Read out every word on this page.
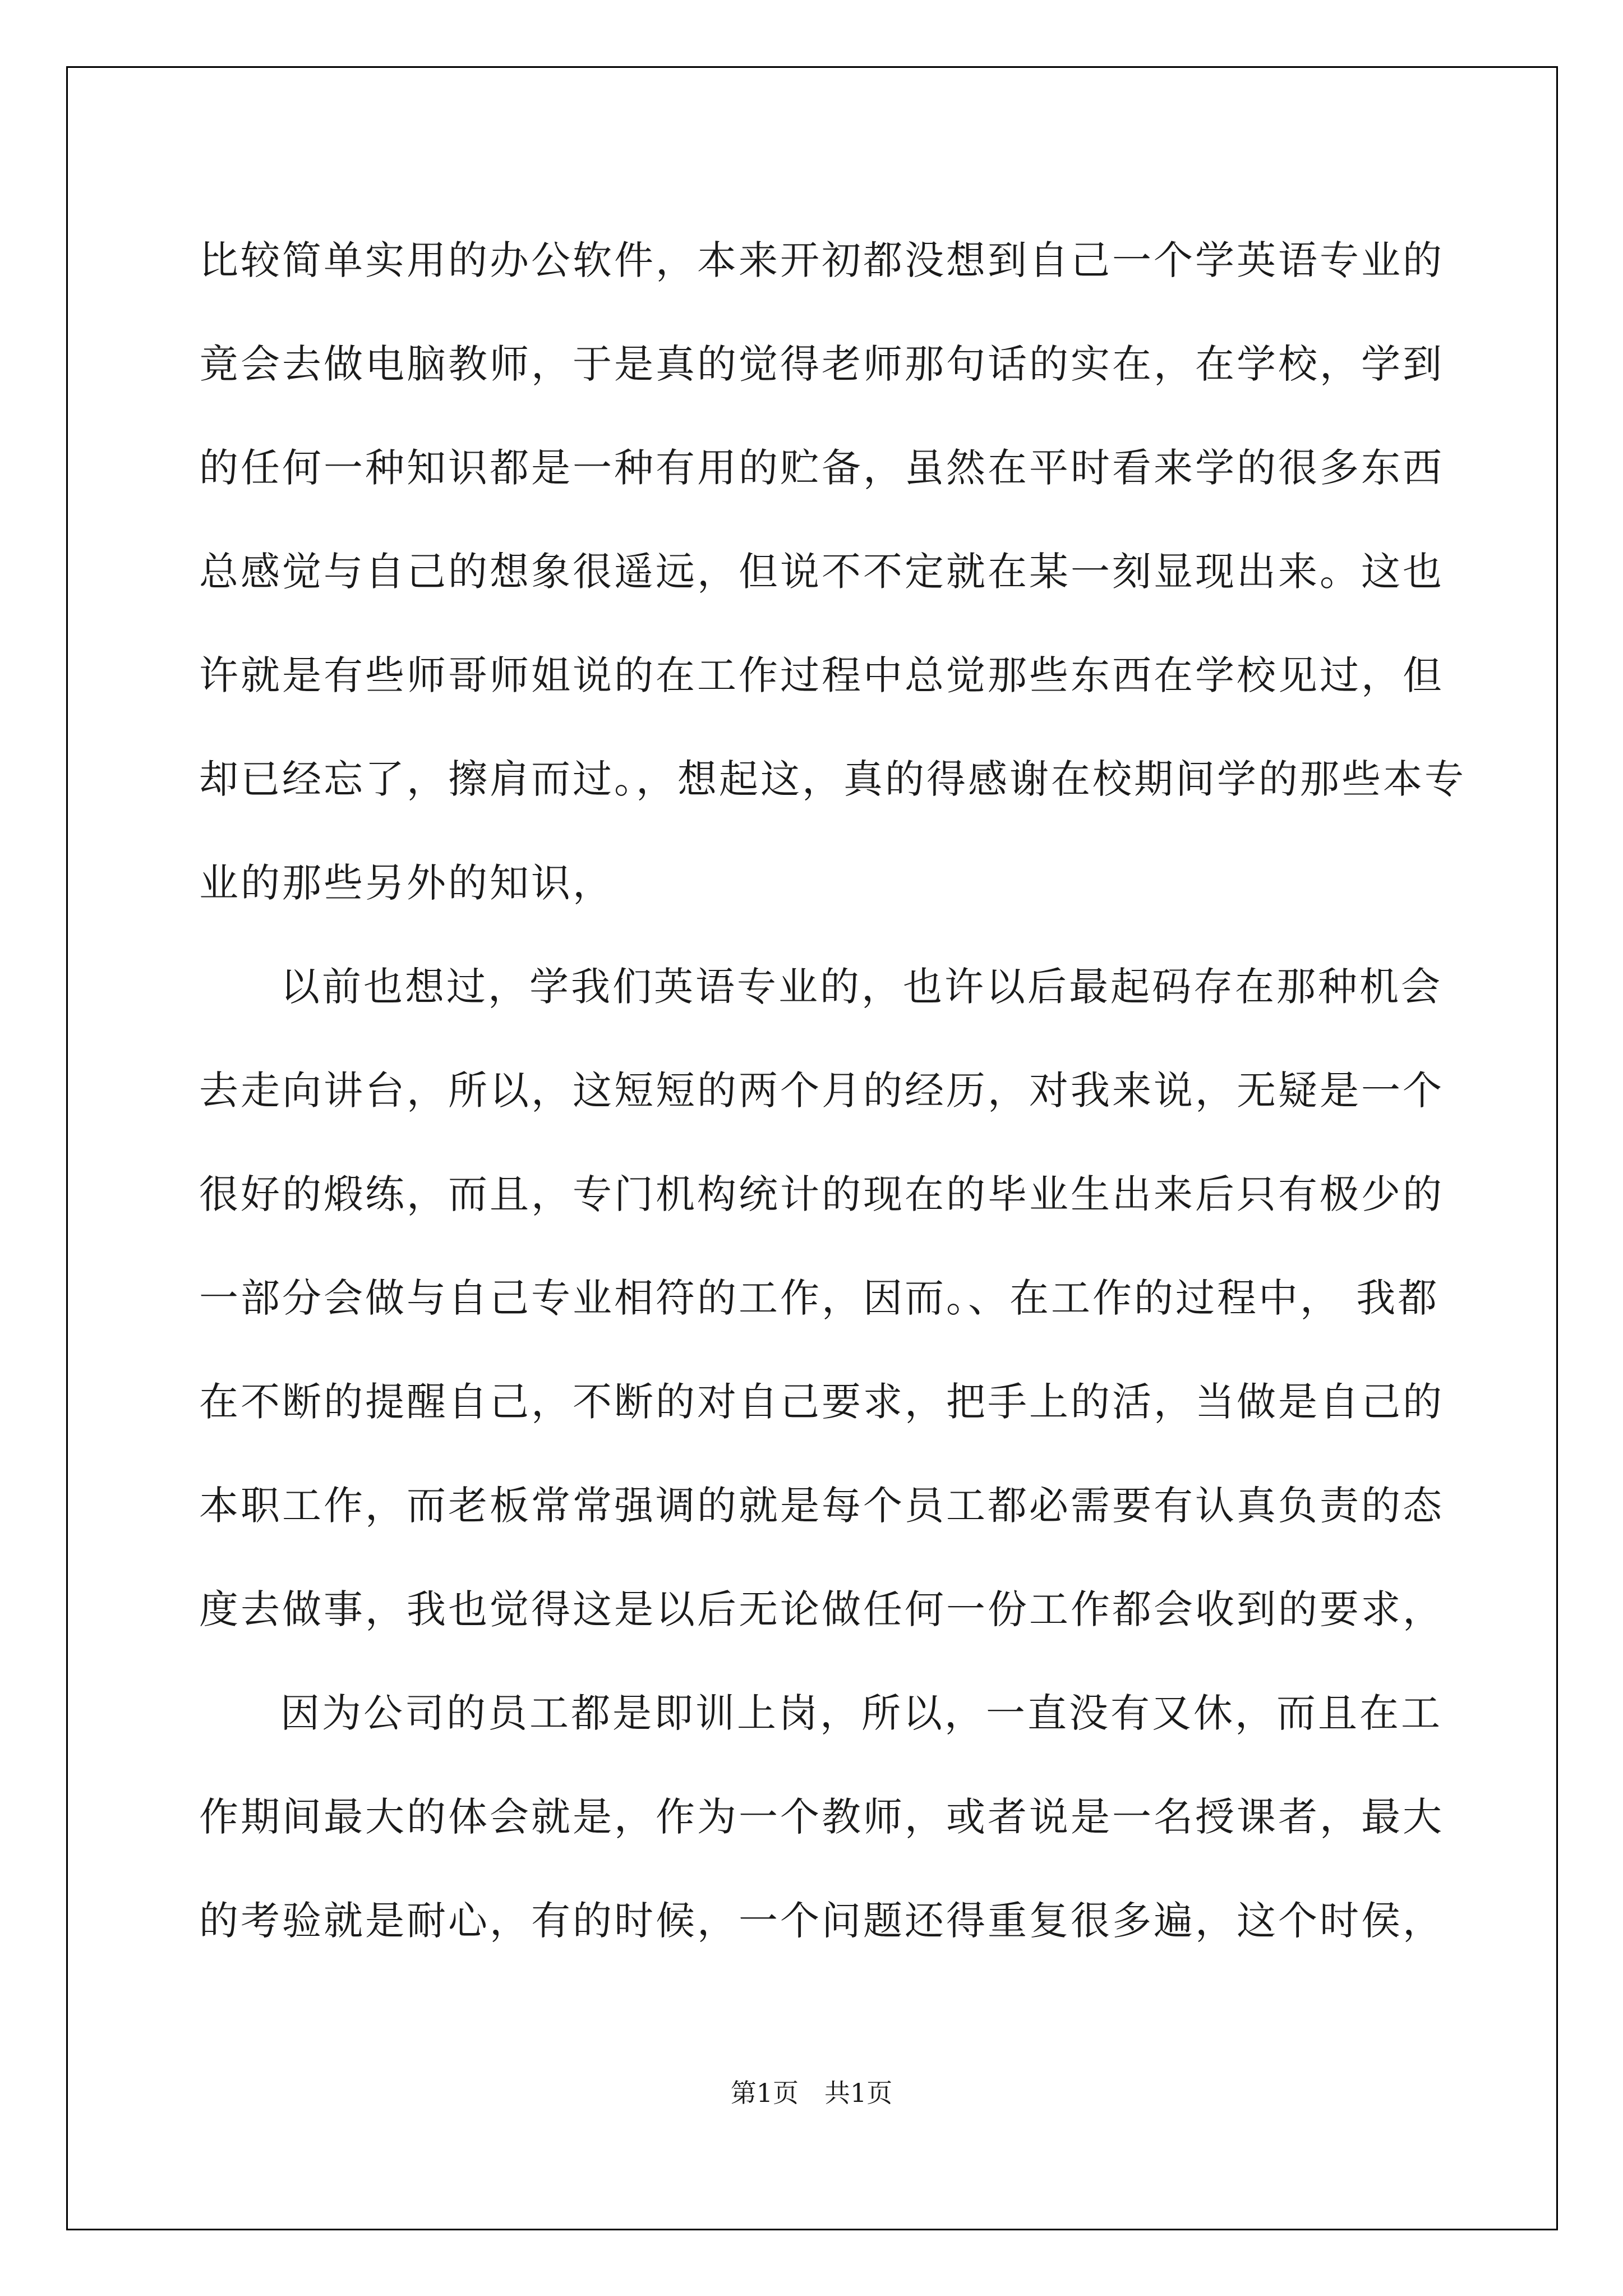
比较简单实用的办公软件，本来开初都没想到自己一个学英语专业的
竟会去做电脑教师，于是真的觉得老师那句话的实在，在学校，学到
的任何一种知识都是一种有用的贮备，虽然在平时看来学的很多东西
总感觉与自己的想象很遥远，但说不不定就在某一刻显现出来。这也
许就是有些师哥师姐说的在工作过程中总觉那些东西在学校见过，但
却已经忘了，擦肩而过。，想起这，真的得感谢在校期间学的那些本专
业的那些另外的知识，

以前也想过，学我们英语专业的，也许以后最起码存在那种机会
去走向讲台，所以，这短短的两个月的经历，对我来说，无疑是一个
很好的煅练，而且，专门机构统计的现在的毕业生出来后只有极少的
一部分会做与自己专业相符的工作，因而。、在工作的过程中， 我都
在不断的提醒自己，不断的对自己要求，把手上的活，当做是自己的
本职工作，而老板常常强调的就是每个员工都必需要有认真负责的态
度去做事，我也觉得这是以后无论做任何一份工作都会收到的要求，

因为公司的员工都是即训上岗，所以，一直没有又休，而且在工
作期间最大的体会就是，作为一个教师，或者说是一名授课者，最大
的考验就是耐心，有的时候，一个问题还得重复很多遍，这个时侯，

第1页　共1页
